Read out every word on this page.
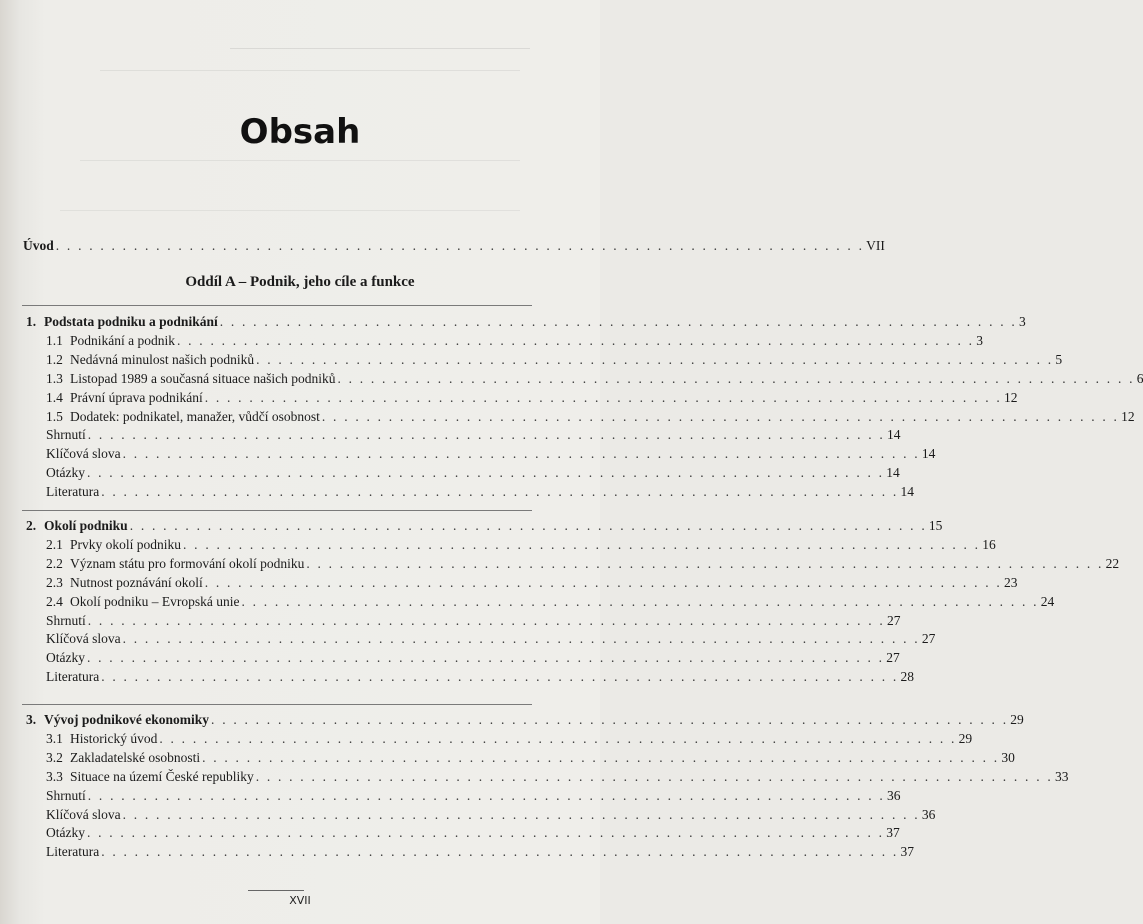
Obsah
Úvod . . . . . . . . . . . . . . . . . . . . . . . . . . . . . . . . . . . . . . . . . . . . . . . . . . . . . . . . . . . . . . . . . . . . . . . . . VII
Oddíl A – Podnik, jeho cíle a funkce
1. Podstata podniku a podnikání . . . . . . . . . . . . . . . . . . . . . . . . . . . . . . . . . . . . . . . . . . . . . . . . . . . . . . . . . . . . . . . . . . . . . . . . 3
1.1 Podnikání a podnik . . . . . . . . . . . . . . . . . . . . . . . . . . . . . . . . . . . . . . . . . . . . . . . . . . . . . . . . . . . . . . . . . . . . . . . . 3
1.2 Nedávná minulost našich podniků . . . . . . . . . . . . . . . . . . . . . . . . . . . . . . . . . . . . . . . . . . . . . . . . . . . . . . . . . . . . . . . . . . . . . . . . 5
1.3 Listopad 1989 a současná situace našich podniků . . . . . . . . . . . . . . . . . . . . . . . . . . . . . . . . . . . . . . . . . . . . . . . . . . . . . . . . . . . . . . . . . . . . . . . . 6
1.4 Právní úprava podnikání . . . . . . . . . . . . . . . . . . . . . . . . . . . . . . . . . . . . . . . . . . . . . . . . . . . . . . . . . . . . . . . . . . . . . . . . 12
1.5 Dodatek: podnikatel, manažer, vůdčí osobnost . . . . . . . . . . . . . . . . . . . . . . . . . . . . . . . . . . . . . . . . . . . . . . . . . . . . . . . . . . . . . . . . . . . . . . . . 12
Shrnutí . . . . . . . . . . . . . . . . . . . . . . . . . . . . . . . . . . . . . . . . . . . . . . . . . . . . . . . . . . . . . . . . . . . . . . . . 14
Klíčová slova . . . . . . . . . . . . . . . . . . . . . . . . . . . . . . . . . . . . . . . . . . . . . . . . . . . . . . . . . . . . . . . . . . . . . . . . 14
Otázky . . . . . . . . . . . . . . . . . . . . . . . . . . . . . . . . . . . . . . . . . . . . . . . . . . . . . . . . . . . . . . . . . . . . . . . . 14
Literatura . . . . . . . . . . . . . . . . . . . . . . . . . . . . . . . . . . . . . . . . . . . . . . . . . . . . . . . . . . . . . . . . . . . . . . . . 14
2. Okolí podniku . . . . . . . . . . . . . . . . . . . . . . . . . . . . . . . . . . . . . . . . . . . . . . . . . . . . . . . . . . . . . . . . . . . . . . . . 15
2.1 Prvky okolí podniku . . . . . . . . . . . . . . . . . . . . . . . . . . . . . . . . . . . . . . . . . . . . . . . . . . . . . . . . . . . . . . . . . . . . . . . . 16
2.2 Význam státu pro formování okolí podniku . . . . . . . . . . . . . . . . . . . . . . . . . . . . . . . . . . . . . . . . . . . . . . . . . . . . . . . . . . . . . . . . . . . . . . . . 22
2.3 Nutnost poznávání okolí . . . . . . . . . . . . . . . . . . . . . . . . . . . . . . . . . . . . . . . . . . . . . . . . . . . . . . . . . . . . . . . . . . . . . . . . 23
2.4 Okolí podniku – Evropská unie . . . . . . . . . . . . . . . . . . . . . . . . . . . . . . . . . . . . . . . . . . . . . . . . . . . . . . . . . . . . . . . . . . . . . . . . 24
Shrnutí . . . . . . . . . . . . . . . . . . . . . . . . . . . . . . . . . . . . . . . . . . . . . . . . . . . . . . . . . . . . . . . . . . . . . . . . 27
Klíčová slova . . . . . . . . . . . . . . . . . . . . . . . . . . . . . . . . . . . . . . . . . . . . . . . . . . . . . . . . . . . . . . . . . . . . . . . . 27
Otázky . . . . . . . . . . . . . . . . . . . . . . . . . . . . . . . . . . . . . . . . . . . . . . . . . . . . . . . . . . . . . . . . . . . . . . . . 27
Literatura . . . . . . . . . . . . . . . . . . . . . . . . . . . . . . . . . . . . . . . . . . . . . . . . . . . . . . . . . . . . . . . . . . . . . . . . 28
3. Vývoj podnikové ekonomiky . . . . . . . . . . . . . . . . . . . . . . . . . . . . . . . . . . . . . . . . . . . . . . . . . . . . . . . . . . . . . . . . . . . . . . . . 29
3.1 Historický úvod . . . . . . . . . . . . . . . . . . . . . . . . . . . . . . . . . . . . . . . . . . . . . . . . . . . . . . . . . . . . . . . . . . . . . . . . 29
3.2 Zakladatelské osobnosti . . . . . . . . . . . . . . . . . . . . . . . . . . . . . . . . . . . . . . . . . . . . . . . . . . . . . . . . . . . . . . . . . . . . . . . . 30
3.3 Situace na území České republiky . . . . . . . . . . . . . . . . . . . . . . . . . . . . . . . . . . . . . . . . . . . . . . . . . . . . . . . . . . . . . . . . . . . . . . . . 33
Shrnutí . . . . . . . . . . . . . . . . . . . . . . . . . . . . . . . . . . . . . . . . . . . . . . . . . . . . . . . . . . . . . . . . . . . . . . . . 36
Klíčová slova . . . . . . . . . . . . . . . . . . . . . . . . . . . . . . . . . . . . . . . . . . . . . . . . . . . . . . . . . . . . . . . . . . . . . . . . 36
Otázky . . . . . . . . . . . . . . . . . . . . . . . . . . . . . . . . . . . . . . . . . . . . . . . . . . . . . . . . . . . . . . . . . . . . . . . . 37
Literatura . . . . . . . . . . . . . . . . . . . . . . . . . . . . . . . . . . . . . . . . . . . . . . . . . . . . . . . . . . . . . . . . . . . . . . . . 37
XVII
